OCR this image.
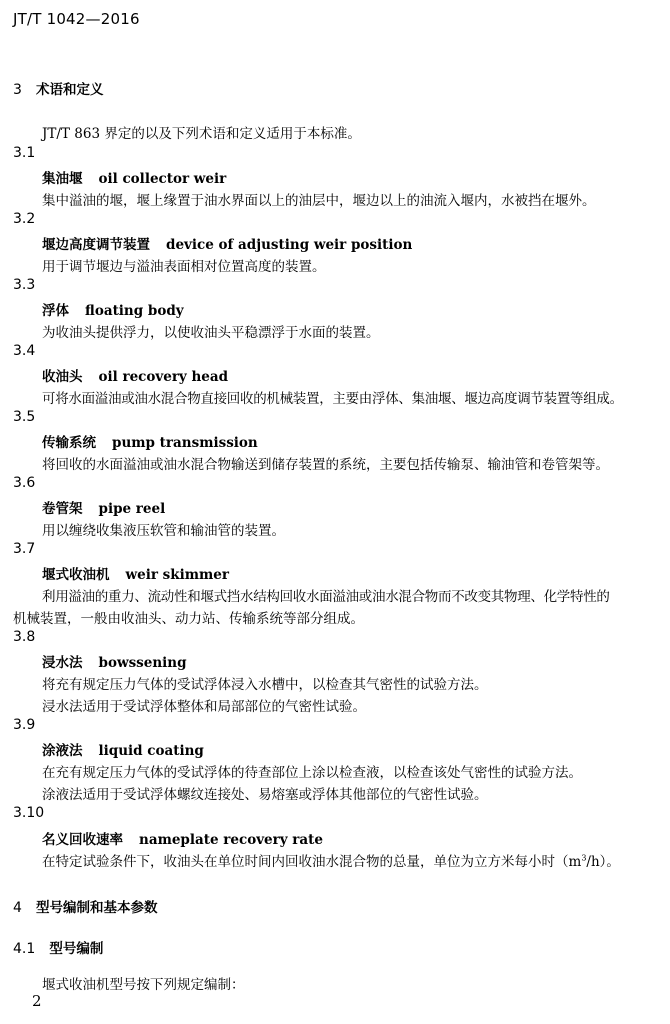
JT/T 1042—2016
3 术语和定义
JT/T 863 界定的以及下列术语和定义适用于本标准。
3.1
集油堰 oil collector weir
集中溢油的堰，堰上缘置于油水界面以上的油层中，堰边以上的油流入堰内，水被挡在堰外。
3.2
堰边高度调节装置 device of adjusting weir position
用于调节堰边与溢油表面相对位置高度的装置。
3.3
浮体 floating body
为收油头提供浮力，以使收油头平稳漂浮于水面的装置。
3.4
收油头 oil recovery head
可将水面溢油或油水混合物直接回收的机械装置，主要由浮体、集油堰、堰边高度调节装置等组成。
3.5
传输系统 pump transmission
将回收的水面溢油或油水混合物输送到储存装置的系统，主要包括传输泵、输油管和卷管架等。
3.6
卷管架 pipe reel
用以缠绕收集液压软管和输油管的装置。
3.7
堰式收油机 weir skimmer
利用溢油的重力、流动性和堰式挡水结构回收水面溢油或油水混合物而不改变其物理、化学特性的
机械装置，一般由收油头、动力站、传输系统等部分组成。
3.8
浸水法 bowssening
将充有规定压力气体的受试浮体浸入水槽中，以检查其气密性的试验方法。
浸水法适用于受试浮体整体和局部部位的气密性试验。
3.9
涂液法 liquid coating
在充有规定压力气体的受试浮体的待查部位上涂以检查液，以检查该处气密性的试验方法。
涂液法适用于受试浮体螺纹连接处、易熔塞或浮体其他部位的气密性试验。
3.10
名义回收速率 nameplate recovery rate
在特定试验条件下，收油头在单位时间内回收油水混合物的总量，单位为立方米每小时$(m^3/h)$。
4 型号编制和基本参数
4.1 型号编制
堰式收油机型号按下列规定编制：
2
